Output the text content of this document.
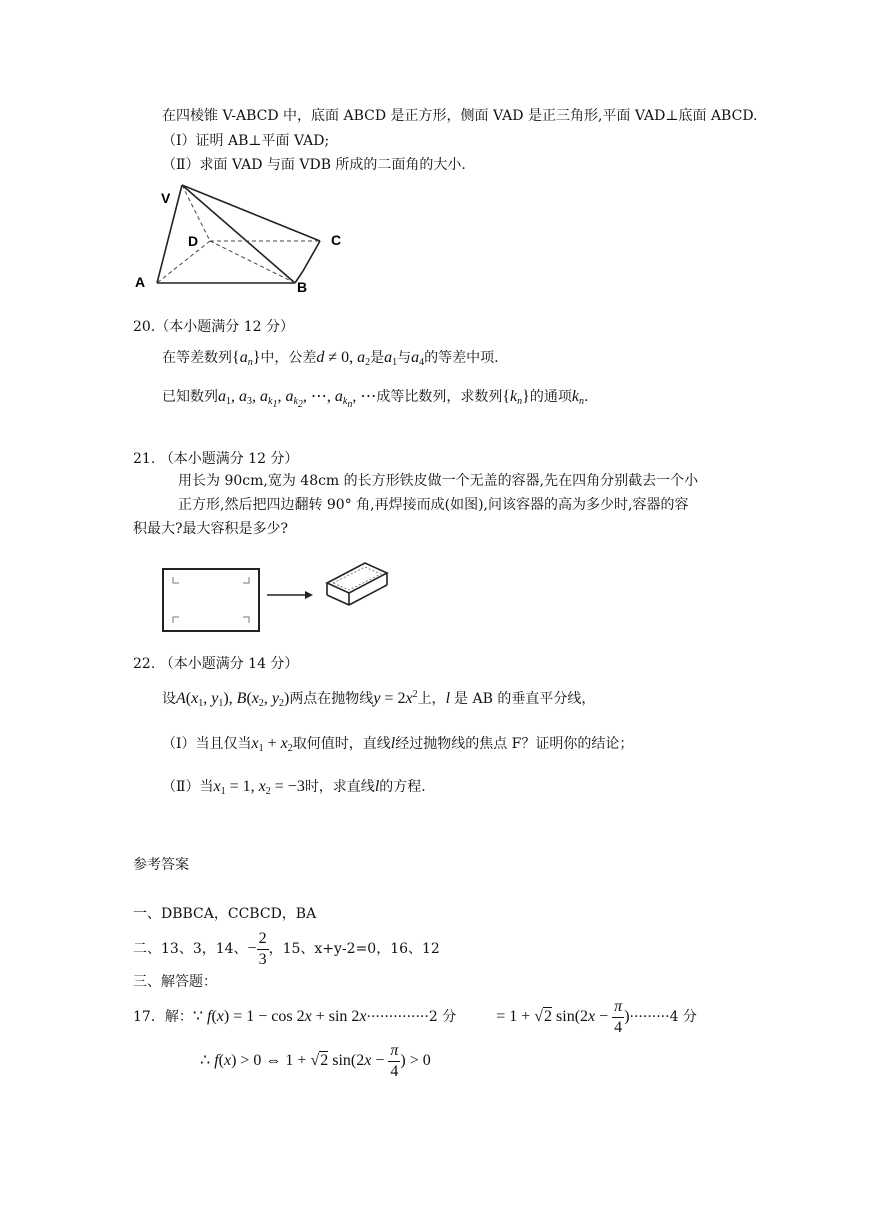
在四棱锥 V-ABCD 中，底面 ABCD 是正方形，侧面 VAD 是正三角形,平面 VAD⊥底面 ABCD.
（Ⅰ）证明 AB⊥平面 VAD;
（Ⅱ）求面 VAD 与面 VDB 所成的二面角的大小.
V
D	C
A	B
20.（本小题满分 12 分）
在等差数列$\{a_n\}$中，公差d ≠ 0, $a_2$是$a_1$与$a_4$的等差中项.
已知数列$a_1$, $a_3$, $a_{k_1}$, $a_{k_2}$, ⋯, $a_{k_n}$, ⋯成等比数列，求数列$\{k_n\}$的通项$k_n$.
21. （本小题满分 12 分）
用长为 90cm,宽为 48cm 的长方形铁皮做一个无盖的容器,先在四角分别截去一个小
正方形,然后把四边翻转 90° 角,再焊接而成(如图),问该容器的高为多少时,容器的容
积最大?最大容积是多少?
22. （本小题满分 14 分）
设$A(x_1$, $y_1$), $B(x_2$, $y_2$)两点在抛物线$y = 2x^2$上，l 是 AB 的垂直平分线，
（Ⅰ）当且仅当$x_1 + x_2$取何值时，直线l经过抛物线的焦点 F？证明你的结论；
（Ⅱ）当$x_1 = 1$, $x_2 = -3$时，求直线l的方程.
参考答案
一、DBBCA，CCBCD，BA
二、13、3，14、− $\frac{2}{3}$ ，15、x+y-2=0，16、12
三、解答题：
17．解：∵ f(x) = 1 − cos 2x + sin 2x··············2 分	= 1 + √2 $\sin(2x - \frac{\pi}{4} )\cdot\cdot\cdot\cdot\cdot\cdot\cdot\cdot\cdot 4$ 分
∴ f(x) > 0 ⇔ 1 + √2 $\sin(2x - \frac{\pi}{4}$ ) > 0
